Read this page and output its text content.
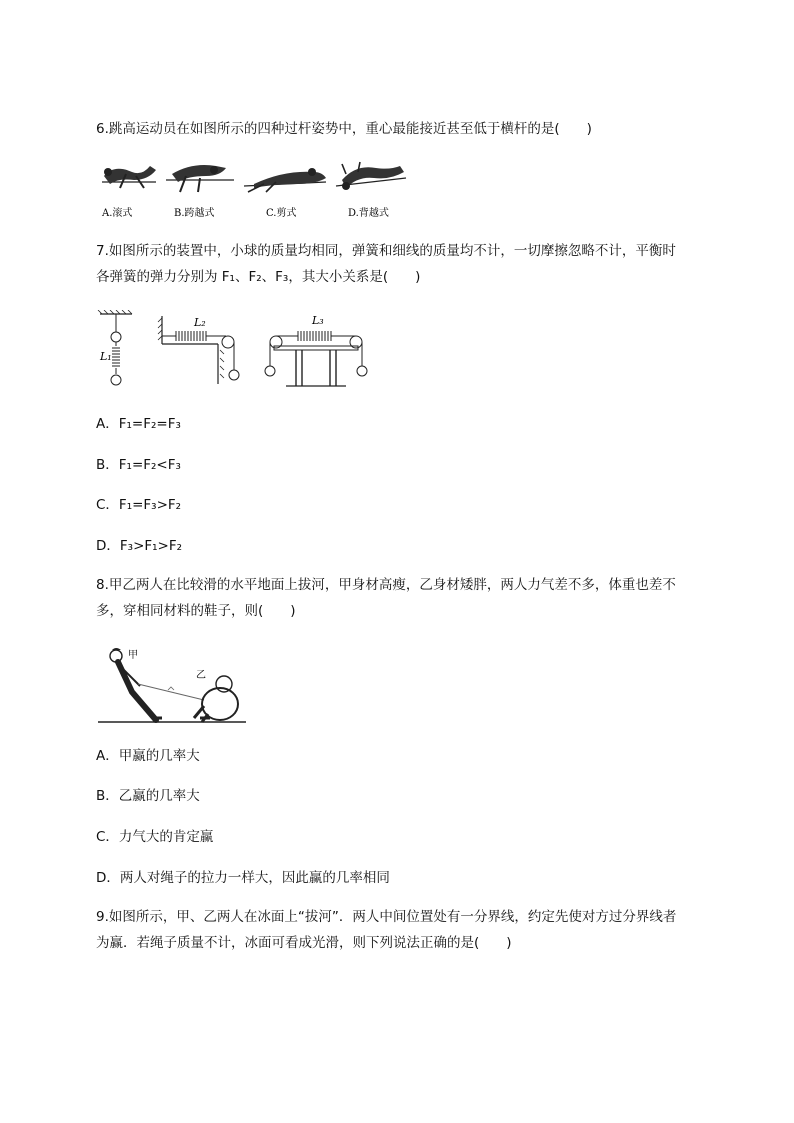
6.跳高运动员在如图所示的四种过杆姿势中，重心最能接近甚至低于横杆的是(　　)
A.滚式	B.跨越式	C.剪式	D.背越式
7.如图所示的装置中，小球的质量均相同，弹簧和细线的质量均不计，一切摩擦忽略不计，平衡时
各弹簧的弹力分别为 F₁、F₂、F₃，其大小关系是(　　)
L₁
L₂	L₃
A．F₁=F₂=F₃
B．F₁=F₂<F₃
C．F₁=F₃>F₂
D．F₃>F₁>F₂
8.甲乙两人在比较滑的水平地面上拔河，甲身材高瘦，乙身材矮胖，两人力气差不多，体重也差不
多，穿相同材料的鞋子，则(　　)
甲
乙
A．甲赢的几率大
B．乙赢的几率大
C．力气大的肯定赢
D．两人对绳子的拉力一样大，因此赢的几率相同
9.如图所示，甲、乙两人在冰面上“拔河”．两人中间位置处有一分界线，约定先使对方过分界线者
为赢．若绳子质量不计，冰面可看成光滑，则下列说法正确的是(　　)
